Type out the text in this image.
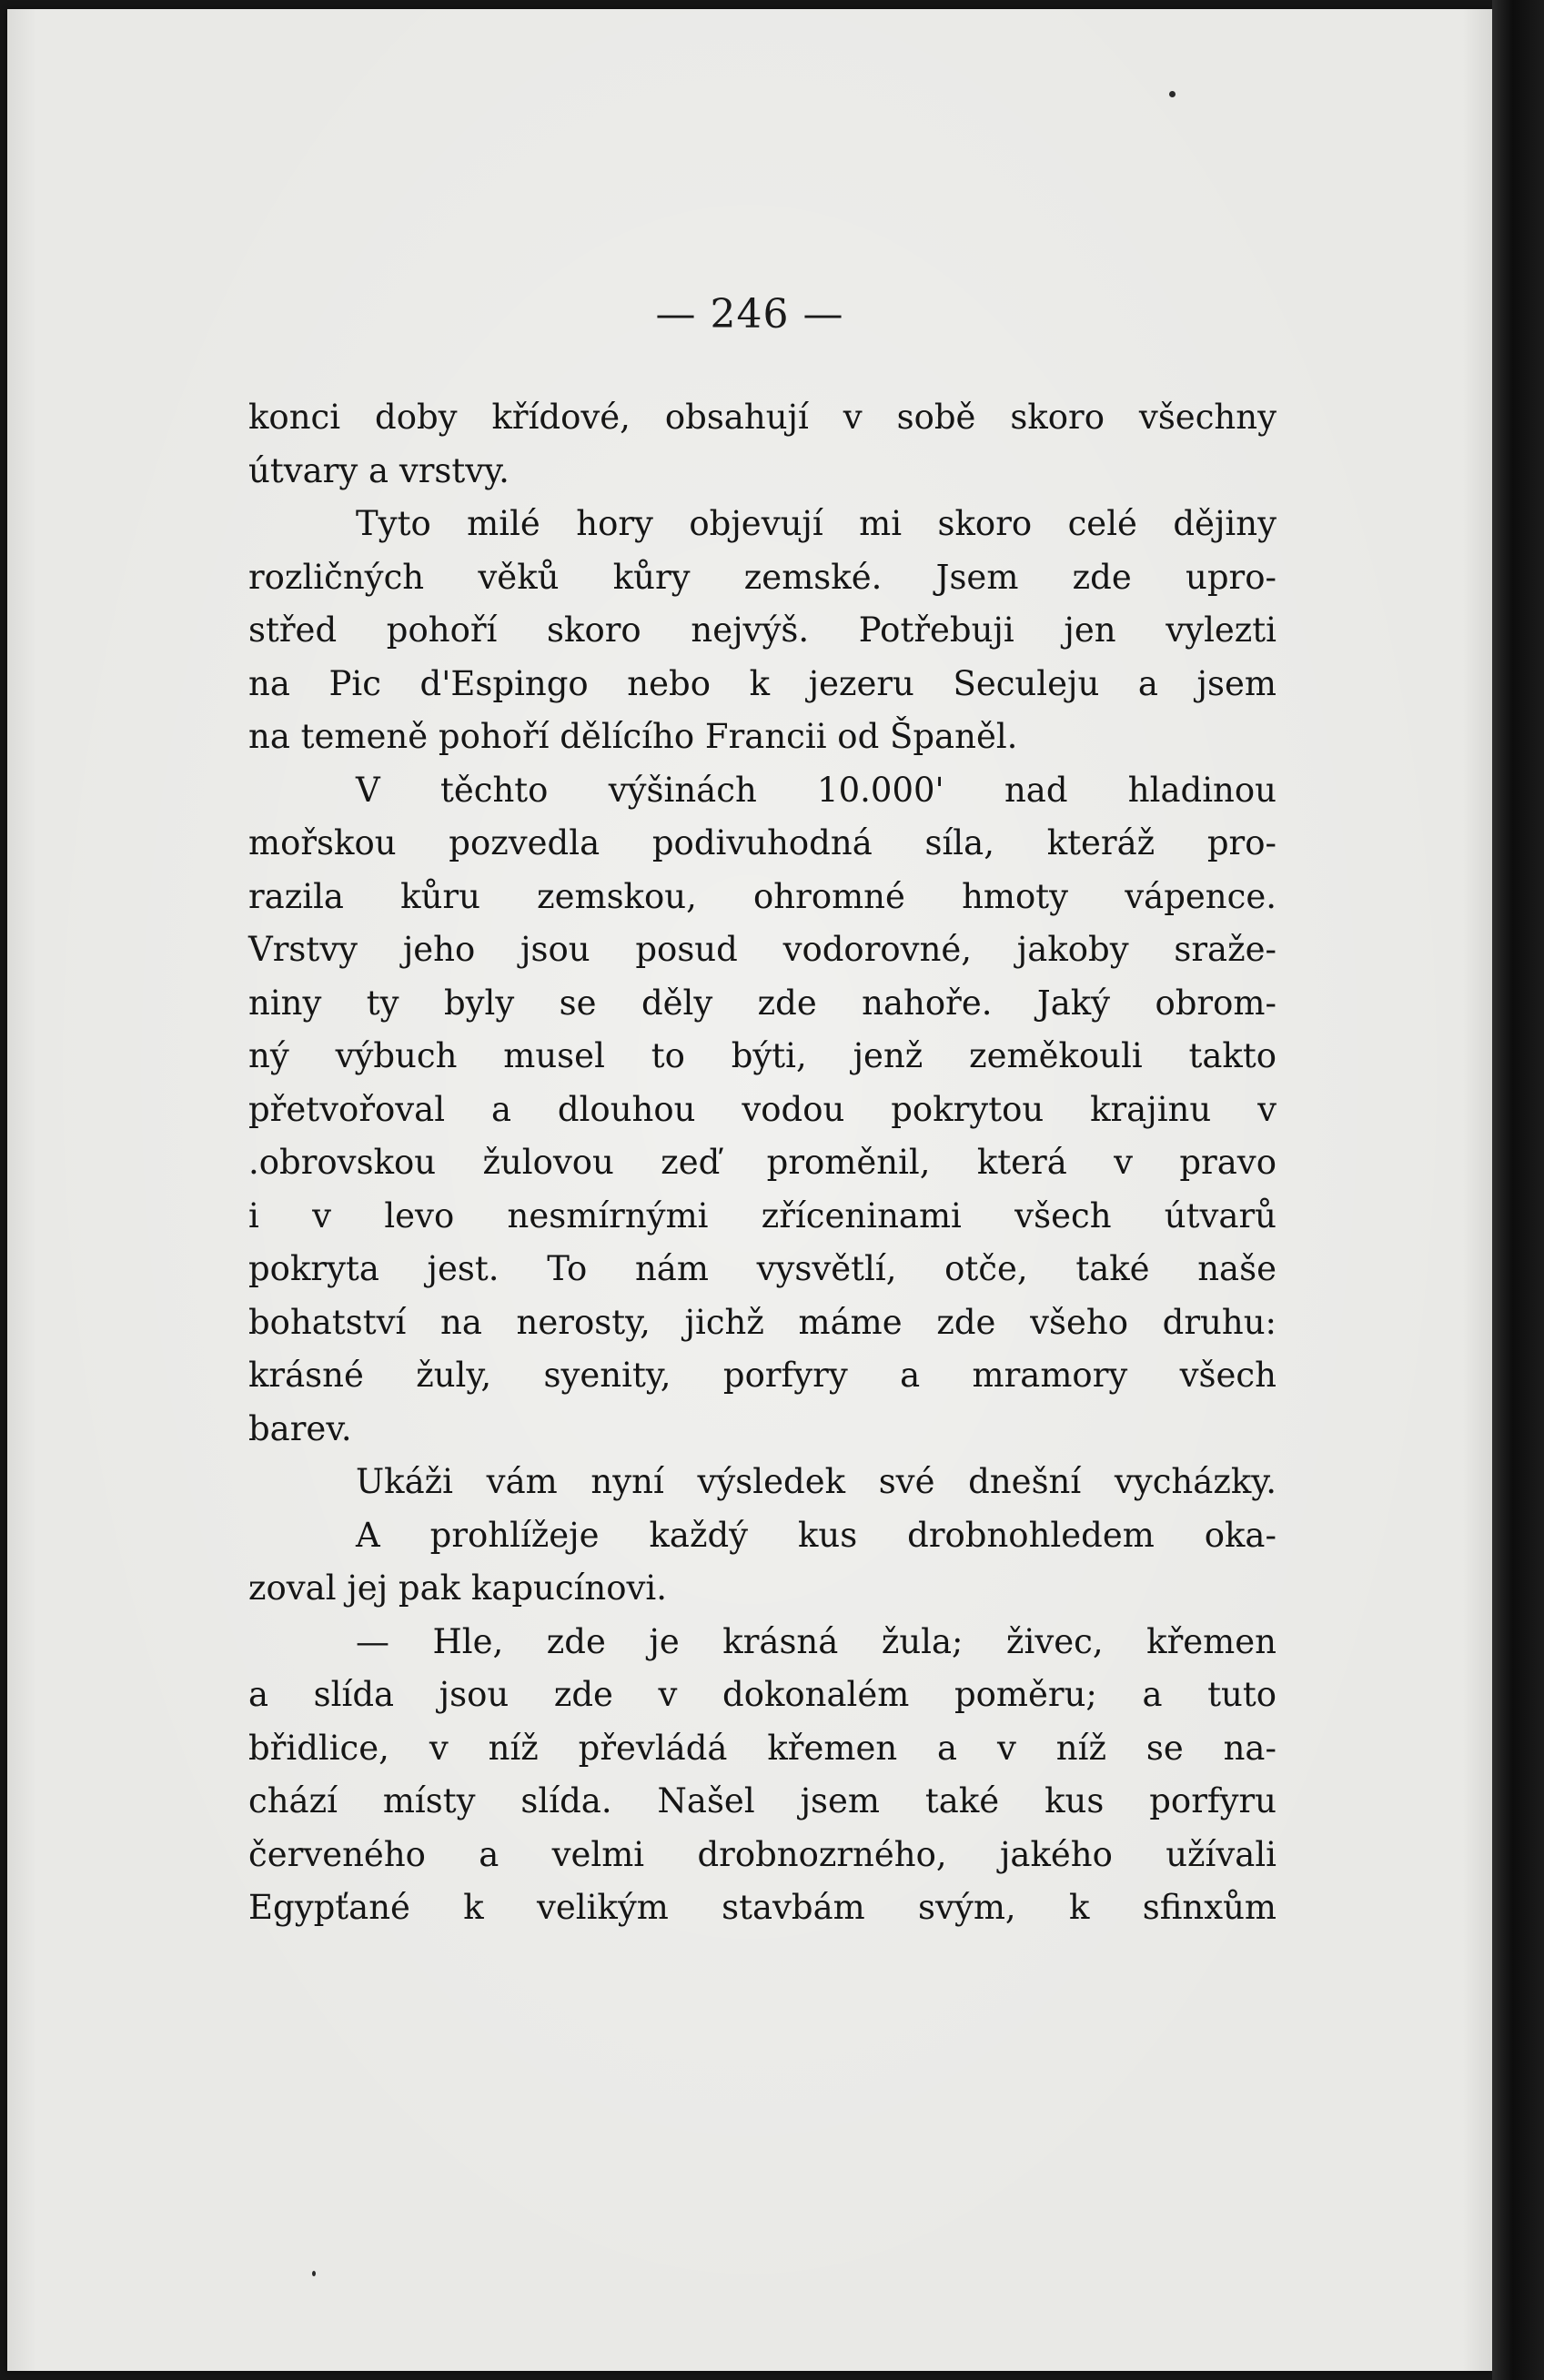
— 246 —
konci doby křídové, obsahují v sobě skoro všechny
útvary a vrstvy.
Tyto milé hory objevují mi skoro celé dějiny
rozličných věků kůry zemské. Jsem zde upro-
střed pohoří skoro nejvýš. Potřebuji jen vylezti
na Pic d'Espingo nebo k jezeru Seculeju a jsem
na temeně pohoří dělícího Francii od Španěl.
V těchto výšinách 10.000' nad hladinou
mořskou pozvedla podivuhodná síla, kteráž pro-
razila kůru zemskou, ohromné hmoty vápence.
Vrstvy jeho jsou posud vodorovné, jakoby sraže-
niny ty byly se děly zde nahoře. Jaký obrom-
ný výbuch musel to býti, jenž zeměkouli takto
přetvořoval a dlouhou vodou pokrytou krajinu v
.obrovskou žulovou zeď proměnil, která v pravo
i v levo nesmírnými zříceninami všech útvarů
pokryta jest. To nám vysvětlí, otče, také naše
bohatství na nerosty, jichž máme zde všeho druhu:
krásné žuly, syenity, porfyry a mramory všech
barev.
Ukáži vám nyní výsledek své dnešní vycházky.
A prohlížeje každý kus drobnohledem oka-
zoval jej pak kapucínovi.
— Hle, zde je krásná žula; živec, křemen
a slída jsou zde v dokonalém poměru; a tuto
břidlice, v níž převládá křemen a v níž se na-
chází místy slída. Našel jsem také kus porfyru
červeného a velmi drobnozrného, jakého užívali
Egypťané k velikým stavbám svým, k sfinxům
